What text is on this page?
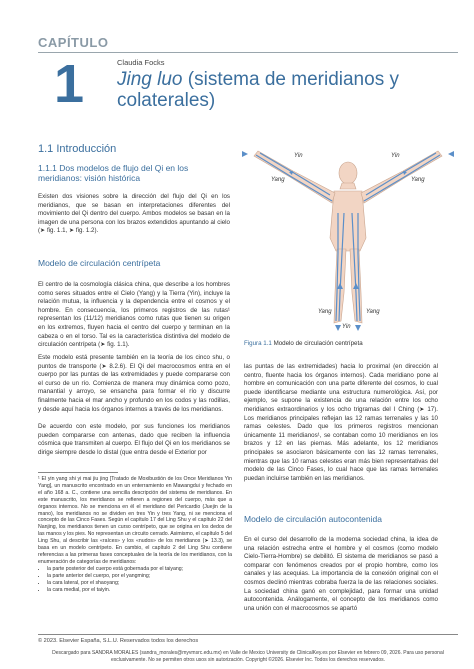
CAPÍTULO
1	Claudia Focks
Jing luo (sistema de meridianos y colaterales)
1.1 Introducción
1.1.1 Dos modelos de flujo del Qi en los meridianos: visión histórica
Existen dos visiones sobre la dirección del flujo del Qi en los meridianos, que se basan en interpretaciones diferentes del movimiento del Qi dentro del cuerpo. Ambos modelos se basan en la imagen de una persona con los brazos extendidos apuntando al cielo (➤ fig. 1.1, ➤ fig. 1.2).
Modelo de circulación centrípeta
El centro de la cosmología clásica china, que describe a los hombres como seres situados entre el Cielo (Yang) y la Tierra (Yin), incluye la relación mutua, la influencia y la dependencia entre el cosmos y el hombre. En consecuencia, los primeros registros de las rutas¹ representan los (11/12) meridianos como rutas que tienen su origen en los extremos, fluyen hacia el centro del cuerpo y terminan en la cabeza o en el torso. Tal es la característica distintiva del modelo de circulación centrípeta (➤ fig. 1.1).
Este modelo está presente también en la teoría de los cinco shu, o puntos de transporte (➤ 8.2.6). El Qi del macrocosmos entra en el cuerpo por las puntas de las extremidades y puede compararse con el curso de un río. Comienza de manera muy dinámica como pozo, manantial y arroyo, se ensancha para formar el río y discurre finalmente hacia el mar ancho y profundo en los codos y las rodillas, y desde aquí hacia los órganos internos a través de los meridianos.
De acuerdo con este modelo, por sus funciones los meridianos pueden compararse con antenas, dado que reciben la influencia cósmica que transmiten al cuerpo. El flujo del Qi en los meridianos se dirige siempre desde lo distal (que entra desde el Exterior por
¹ El yin yang shi yi mai jiu jing [Tratado de Moxibustión de los Once Meridianos Yin Yang], un manuscrito encontrado en un enterramiento en Mawangdui y fechado en el año 168 a. C., contiene una sencilla descripción del sistema de meridianos. En este manuscrito, los meridianos se refieren a regiones del cuerpo, más que a órganos internos. No se menciona en él el meridiano del Pericardio (Juejin de la mano), los meridianos no se dividen en tres Yin y tres Yang, ni se menciona el concepto de las Cinco Fases. Según el capítulo 17 del Ling Shu y el capítulo 22 del Nanjing, los meridianos tienen un curso centrípeto, que se origina en los dedos de las manos y los pies. No representan un circuito cerrado. Asimismo, el capítulo 5 del Ling Shu, al describir las «raíces» y los «nudos» de los meridianos (➤ 13.3), se basa en un modelo centrípeto. En cambio, el capítulo 2 del Ling Shu contiene referencias a las primeras fases conceptuales de la teoría de los meridianos, con la enumeración de categorías de meridianos:
• la parte posterior del cuerpo está gobernada por el taiyang;
• la parte anterior del cuerpo, por el yangming;
• la cara lateral, por el shaoyang;
• la cara medial, por el taiyin.
Yang
Yin
Yang
Yin
Yang	Yang
Yin
Figura 1.1 Modelo de circulación centrípeta
las puntas de las extremidades) hacia lo proximal (en dirección al centro, fluente hacia los órganos internos). Cada meridiano pone al hombre en comunicación con una parte diferente del cosmos, lo cual puede identificarse mediante una estructura numerológica. Así, por ejemplo, se supone la existencia de una relación entre los ocho meridianos extraordinarios y los ocho trigramas del I Ching (➤ 17). Los meridianos principales reflejan las 12 ramas terrenales y las 10 ramas celestes. Dado que los primeros registros mencionan únicamente 11 meridianos¹, se contaban como 10 meridianos en los brazos y 12 en las piernas. Más adelante, los 12 meridianos principales se asociaron básicamente con las 12 ramas terrenales, mientras que las 10 ramas celestes eran más bien representativas del modelo de las Cinco Fases, lo cual hace que las ramas terrenales puedan incluirse también en las meridianos.
Modelo de circulación autocontenida
En el curso del desarrollo de la moderna sociedad china, la idea de una relación estrecha entre el hombre y el cosmos (como modelo Cielo-Tierra-Hombre) se debilitó. El sistema de meridianos se pasó a comparar con fenómenos creados por el propio hombre, como los canales y las acequias. La importancia de la conexión original con el cosmos declinó mientras cobraba fuerza la de las relaciones sociales. La sociedad china ganó en complejidad, para formar una unidad autocontenida. Análogamente, el concepto de los meridianos como una unión con el macrocosmos se apartó
© 2023. Elsevier España, S.L.U. Reservados todos los derechos
Descargado para SANDRA MORALES (sandra_morales@myvmsrc.edu.mx) en Valle de Mexico University de ClinicalKey.es por Elsevier en febrero 09, 2026. Para uso personal exclusivamente. No se permiten otros usos sin autorización. Copyright ©2026. Elsevier Inc. Todos los derechos reservados.
